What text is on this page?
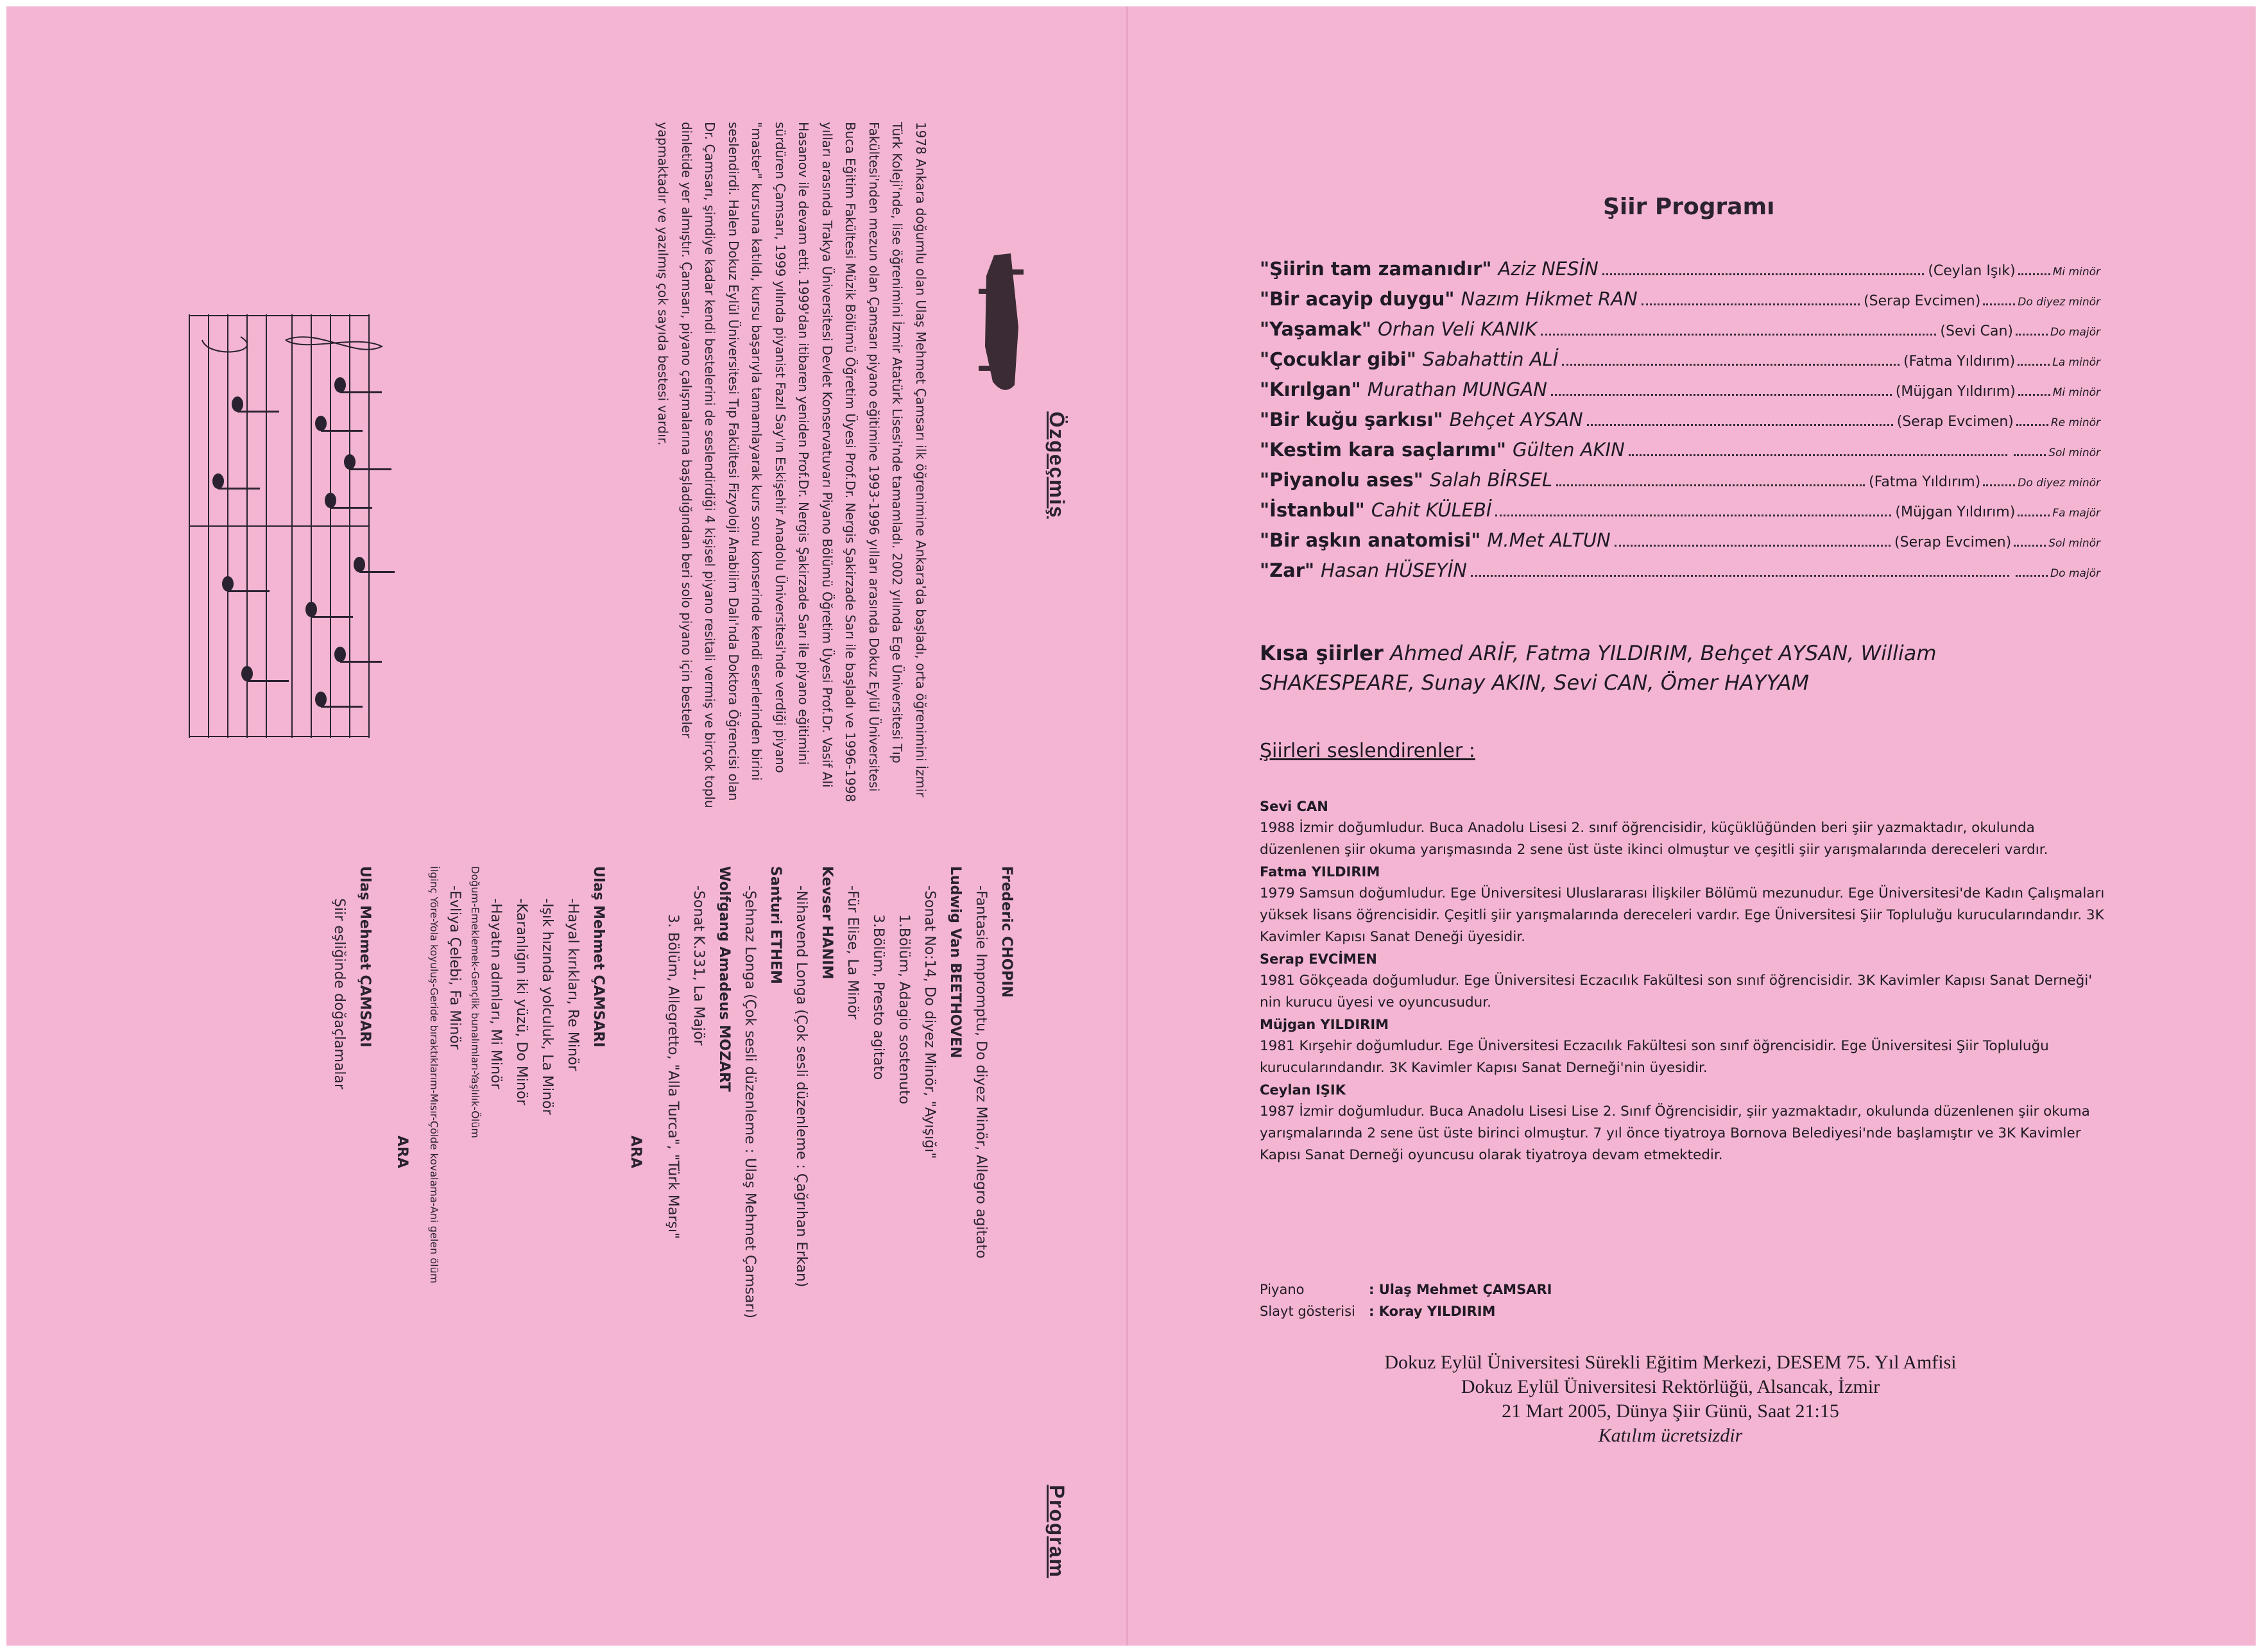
Özgeçmiş
1978 Ankara doğumlu olan Ulaş Mehmet Çamsarı ilk öğrenimine Ankara'da başladı, orta öğrenimini İzmir Türk Koleji'nde, lise öğrenimini İzmir Atatürk Lisesi'nde tamamladı. 2002 yılında Ege Üniversitesi Tıp Fakültesi'nden mezun olan Çamsarı piyano eğitimine 1993-1996 yılları arasında Dokuz Eylül Üniversitesi Buca Eğitim Fakültesi Müzik Bölümü Öğretim Üyesi Prof.Dr. Nergis Şakirzade Sarı ile başladı ve 1996-1998 yılları arasında Trakya Üniversitesi Devlet Konservatuvarı Piyano Bölümü Öğretim Üyesi Prof.Dr. Vasif Ali Hasanov ile devam etti. 1999'dan itibaren yeniden Prof.Dr. Nergis Şakirzade Sarı ile piyano eğitimini sürdüren Çamsarı, 1999 yılında piyanist Fazıl Say'ın Eskişehir Anadolu Üniversitesi'nde verdiği piyano "master" kursuna katıldı, kursu başarıyla tamamlayarak kurs sonu konserinde kendi eserlerinden birini seslendirdi. Halen Dokuz Eylül Üniversitesi Tıp Fakültesi Fizyoloji Anabilim Dalı'nda Doktora Öğrencisi olan Dr. Çamsarı, şimdiye kadar kendi bestelerini de seslendirdiği 4 kişisel piyano resitali vermiş ve birçok toplu dinletide yer almıştır. Çamsarı, piyano çalışmalarına başladığından beri solo piyano için besteler yapmaktadır ve yazılmış çok sayıda bestesi vardır.
Program
Frederic CHOPIN
-Fantasie Impromptu, Do diyez Minör, Allegro agitato
Ludwig Van BEETHOVEN
-Sonat No:14, Do diyez Minör, "Ayışığı"
1.Bölüm, Adagio sostenuto
3.Bölüm, Presto agitato
-Für Elise, La Minör
Kevser HANIM
-Nihavend Longa (Çok sesli düzenleme : Çağrıhan Erkan)
Santuri ETHEM
-Şehnaz Longa (Çok sesli düzenleme : Ulaş Mehmet Çamsarı)
Wolfgang Amadeus MOZART
-Sonat K.331, La Majör
3. Bölüm, Allegretto, "Alla Turca", "Türk Marşı"
ARA
Ulaş Mehmet ÇAMSARI
-Hayal kırıkları, Re Minör
-Işık hızında yolculuk, La Minör
-Karanlığın iki yüzü, Do Minör
-Hayatın adımları, Mi Minör
Doğum-Emeklemek-Gençlik bunalımları-Yaşlılık-Ölüm
-Evliya Çelebi, Fa Minör
İlginç Yöre-Yola koyuluş-Geride bıraktıklarım-Mısır-Çölde kovalama-Ani gelen ölüm
ARA
Ulaş Mehmet ÇAMSARI
Şiir eşliğinde doğaçlamalar
Şiir Programı
"Şiirin tam zamanıdır" Aziz NESİN	(Ceylan Işık)	Mi minör
"Bir acayip duygu" Nazım Hikmet RAN	(Serap Evcimen)	Do diyez minör
"Yaşamak" Orhan Veli KANIK	(Sevi Can)	Do majör
"Çocuklar gibi" Sabahattin ALİ	(Fatma Yıldırım)	La minör
"Kırılgan" Murathan MUNGAN	(Müjgan Yıldırım)	Mi minör
"Bir kuğu şarkısı" Behçet AYSAN	(Serap Evcimen)	Re minör
"Kestim kara saçlarımı" Gülten AKIN	Sol minör
"Piyanolu ases" Salah BİRSEL	(Fatma Yıldırım)	Do diyez minör
"İstanbul" Cahit KÜLEBİ	(Müjgan Yıldırım)	Fa majör
"Bir aşkın anatomisi" M.Met ALTUN	(Serap Evcimen)	Sol minör
"Zar" Hasan HÜSEYİN	Do majör
Kısa şiirler Ahmed ARİF, Fatma YILDIRIM, Behçet AYSAN, William SHAKESPEARE, Sunay AKIN, Sevi CAN, Ömer HAYYAM
Şiirleri seslendirenler :
Sevi CAN
1988 İzmir doğumludur. Buca Anadolu Lisesi 2. sınıf öğrencisidir, küçüklüğünden beri şiir yazmaktadır, okulunda düzenlenen şiir okuma yarışmasında 2 sene üst üste ikinci olmuştur ve çeşitli şiir yarışmalarında dereceleri vardır.
Fatma YILDIRIM
1979 Samsun doğumludur. Ege Üniversitesi Uluslararası İlişkiler Bölümü mezunudur. Ege Üniversitesi'de Kadın Çalışmaları yüksek lisans öğrencisidir. Çeşitli şiir yarışmalarında dereceleri vardır. Ege Üniversitesi Şiir Topluluğu kurucularındandır. 3K Kavimler Kapısı Sanat Deneği üyesidir.
Serap EVCİMEN
1981 Gökçeada doğumludur. Ege Üniversitesi Eczacılık Fakültesi son sınıf öğrencisidir. 3K Kavimler Kapısı Sanat Derneği' nin kurucu üyesi ve oyuncusudur.
Müjgan YILDIRIM
1981 Kırşehir doğumludur. Ege Üniversitesi Eczacılık Fakültesi son sınıf öğrencisidir. Ege Üniversitesi Şiir Topluluğu kurucularındandır. 3K Kavimler Kapısı Sanat Derneği'nin üyesidir.
Ceylan IŞIK
1987 İzmir doğumludur. Buca Anadolu Lisesi Lise 2. Sınıf Öğrencisidir, şiir yazmaktadır, okulunda düzenlenen şiir okuma yarışmalarında 2 sene üst üste birinci olmuştur. 7 yıl önce tiyatroya Bornova Belediyesi'nde başlamıştır ve 3K Kavimler Kapısı Sanat Derneği oyuncusu olarak tiyatroya devam etmektedir.
Piyano	: Ulaş Mehmet ÇAMSARI
Slayt gösterisi	: Koray YILDIRIM
Dokuz Eylül Üniversitesi Sürekli Eğitim Merkezi, DESEM 75. Yıl Amfisi
Dokuz Eylül Üniversitesi Rektörlüğü, Alsancak, İzmir
21 Mart 2005, Dünya Şiir Günü, Saat 21:15
Katılım ücretsizdir
